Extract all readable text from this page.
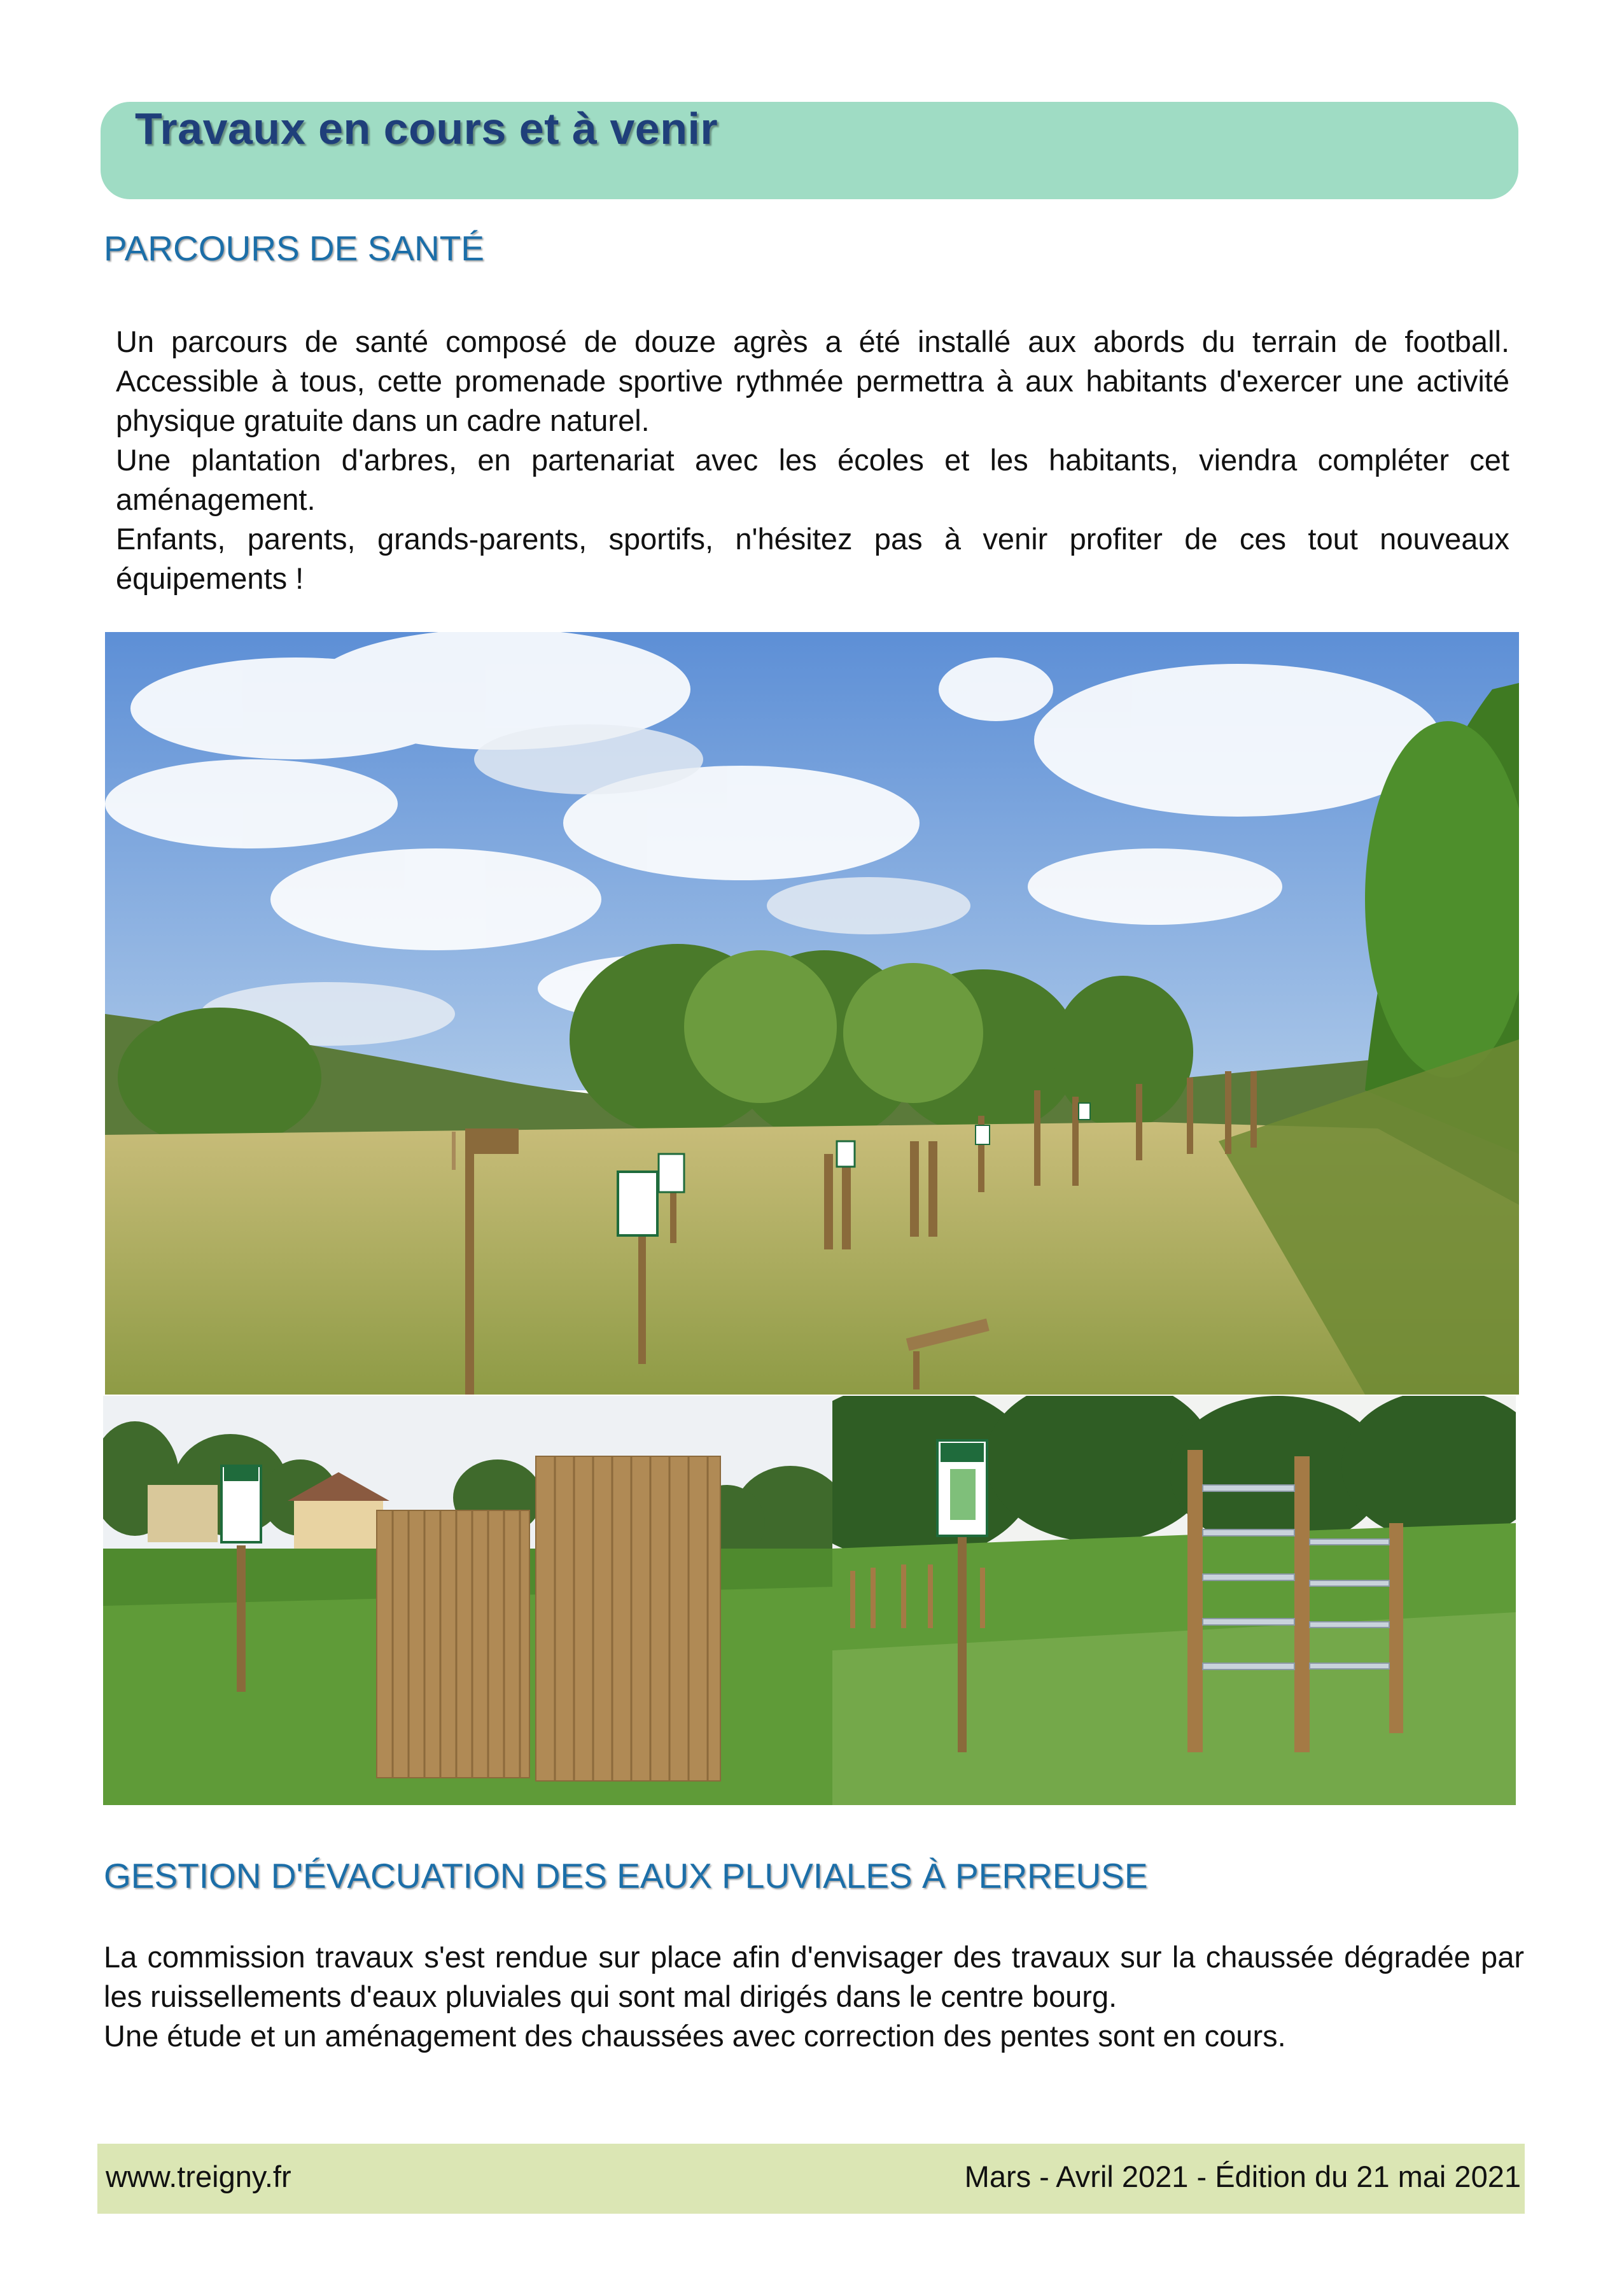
Travaux en cours et à venir
PARCOURS DE SANTÉ

Un parcours de santé composé de douze agrès a été installé aux abords du terrain de football. Accessible à tous, cette promenade sportive rythmée permettra à aux habitants d'exercer une activité physique gratuite dans un cadre naturel.

Une plantation d'arbres, en partenariat avec les écoles et les habitants, viendra compléter cet aménagement.

Enfants, parents, grands-parents, sportifs, n'hésitez pas à venir profiter de ces tout nouveaux équipements !

GESTION D'ÉVACUATION DES EAUX PLUVIALES À PERREUSE

La commission travaux s'est rendue sur place afin d'envisager des travaux sur la chaussée dégradée par les ruissellements d'eaux pluviales qui sont mal dirigés dans le centre bourg.

Une étude et un aménagement des chaussées avec correction des pentes sont en cours.

www.treigny.fr	Mars - Avril 2021 - Édition du 21 mai 2021
